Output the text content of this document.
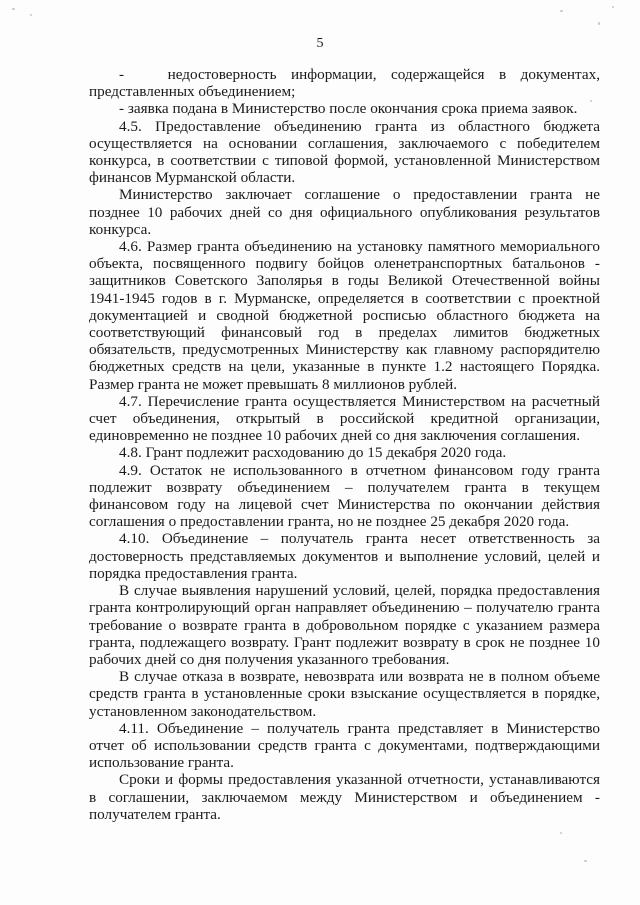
5

-   недостоверность информации, содержащейся в документах, представленных объединением;

- заявка подана в Министерство после окончания срока приема заявок.

4.5. Предоставление объединению гранта из областного бюджета осуществляется на основании соглашения, заключаемого с победителем конкурса, в соответствии с типовой формой, установленной Министерством финансов Мурманской области.

Министерство заключает соглашение о предоставлении гранта не позднее 10 рабочих дней со дня официального опубликования результатов конкурса.

4.6. Размер гранта объединению на установку памятного мемориального объекта, посвященного подвигу бойцов оленетранспортных батальонов - защитников Советского Заполярья в годы Великой Отечественной войны 1941-1945 годов в г. Мурманске, определяется в соответствии с проектной документацией и сводной бюджетной росписью областного бюджета на соответствующий финансовый год в пределах лимитов бюджетных обязательств, предусмотренных Министерству как главному распорядителю бюджетных средств на цели, указанные в пункте 1.2 настоящего Порядка. Размер гранта не может превышать 8 миллионов рублей.

4.7. Перечисление гранта осуществляется Министерством на расчетный счет объединения, открытый в российской кредитной организации, единовременно не позднее 10 рабочих дней со дня заключения соглашения.

4.8. Грант подлежит расходованию до 15 декабря 2020 года.

4.9. Остаток не использованного в отчетном финансовом году гранта подлежит возврату объединением – получателем гранта в текущем финансовом году на лицевой счет Министерства по окончании действия соглашения о предоставлении гранта, но не позднее 25 декабря 2020 года.

4.10. Объединение – получатель гранта несет ответственность за достоверность представляемых документов и выполнение условий, целей и порядка предоставления гранта.

В случае выявления нарушений условий, целей, порядка предоставления гранта контролирующий орган направляет объединению – получателю гранта требование о возврате гранта в добровольном порядке с указанием размера гранта, подлежащего возврату. Грант подлежит возврату в срок не позднее 10 рабочих дней со дня получения указанного требования.

В случае отказа в возврате, невозврата или возврата не в полном объеме средств гранта в установленные сроки взыскание осуществляется в порядке, установленном законодательством.

4.11. Объединение – получатель гранта представляет в Министерство отчет об использовании средств гранта с документами, подтверждающими использование гранта.

Сроки и формы предоставления указанной отчетности, устанавливаются в соглашении, заключаемом между Министерством и объединением - получателем гранта.
